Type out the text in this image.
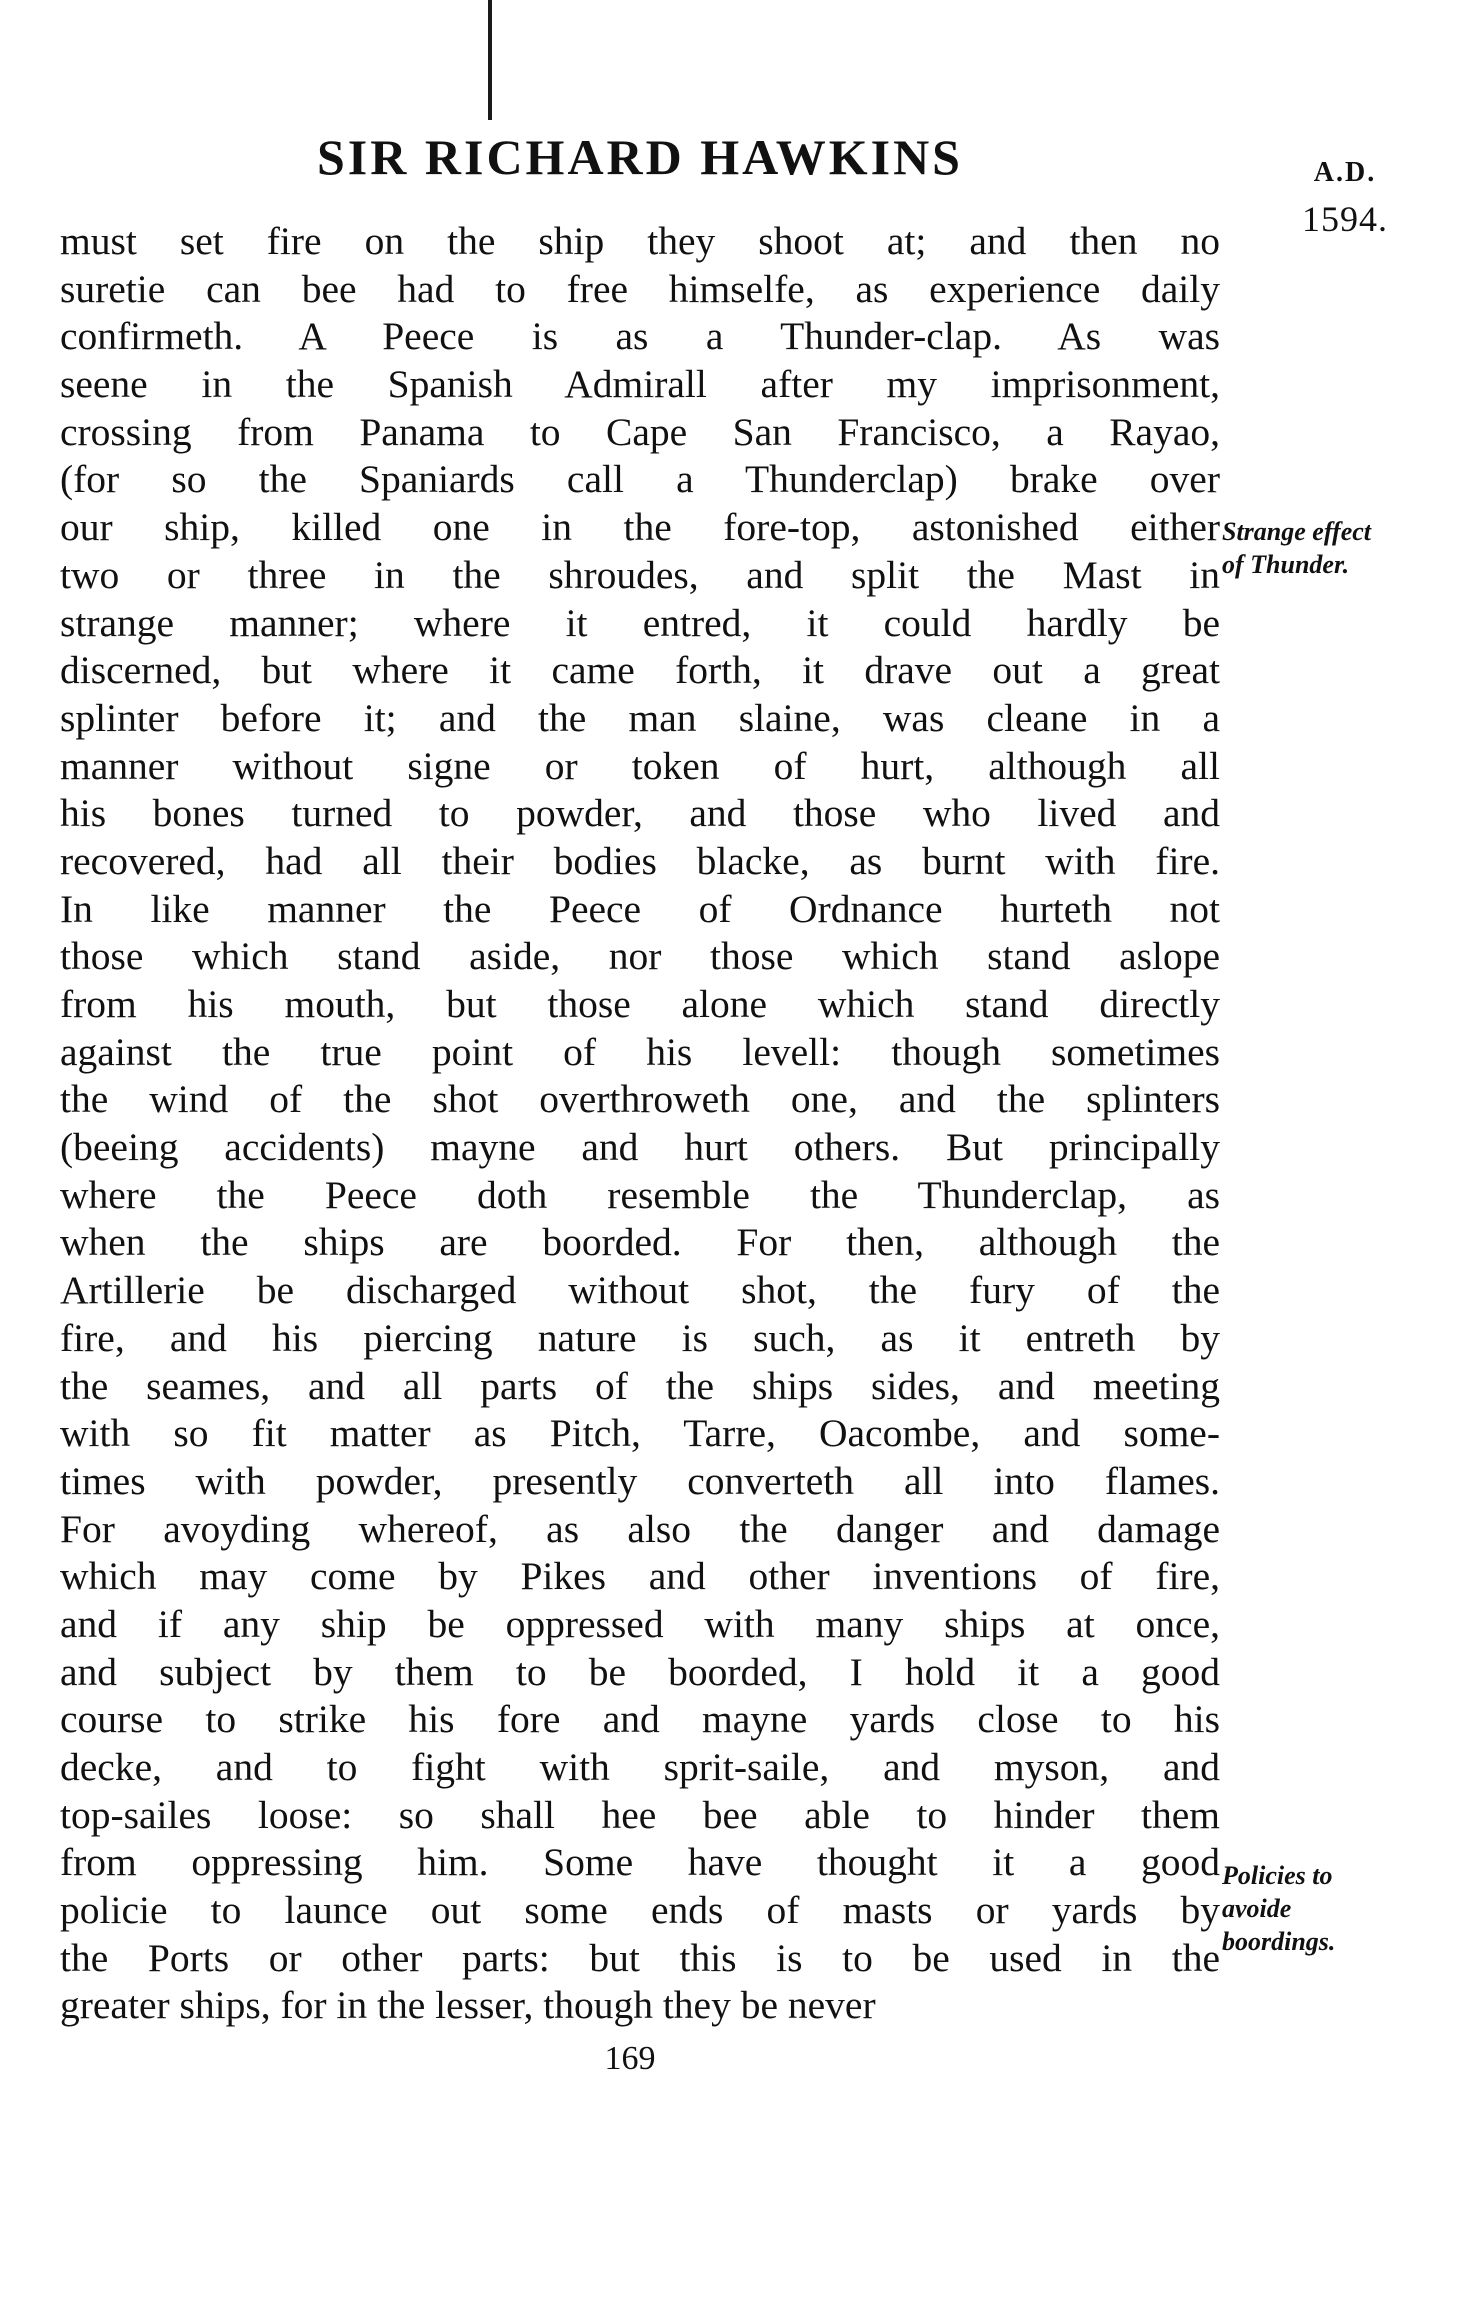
SIR RICHARD HAWKINS	A.D.
1594.
must set fire on the ship they shoot at; and then no
suretie can bee had to free himselfe, as experience daily
confirmeth. A Peece is as a Thunder-clap. As was
seene in the Spanish Admirall after my imprisonment,
crossing from Panama to Cape San Francisco, a Rayao,
(for so the Spaniards call a Thunderclap) brake over
our ship, killed one in the fore-top, astonished either
two or three in the shroudes, and split the Mast in
strange manner; where it entred, it could hardly be
discerned, but where it came forth, it drave out a great
splinter before it; and the man slaine, was cleane in a
manner without signe or token of hurt, although all
his bones turned to powder, and those who lived and
recovered, had all their bodies blacke, as burnt with fire.
In like manner the Peece of Ordnance hurteth not
those which stand aside, nor those which stand aslope
from his mouth, but those alone which stand directly
against the true point of his levell: though sometimes
the wind of the shot overthroweth one, and the splinters
(beeing accidents) mayne and hurt others. But principally
where the Peece doth resemble the Thunderclap, as
when the ships are boorded. For then, although the
Artillerie be discharged without shot, the fury of the
fire, and his piercing nature is such, as it entreth by
the seames, and all parts of the ships sides, and meeting
with so fit matter as Pitch, Tarre, Oacombe, and some-
times with powder, presently converteth all into flames.
For avoyding whereof, as also the danger and damage
which may come by Pikes and other inventions of fire,
and if any ship be oppressed with many ships at once,
and subject by them to be boorded, I hold it a good
course to strike his fore and mayne yards close to his
decke, and to fight with sprit-saile, and myson, and
top-sailes loose: so shall hee bee able to hinder them
from oppressing him. Some have thought it a good
policie to launce out some ends of masts or yards by
the Ports or other parts: but this is to be used in the
greater ships, for in the lesser, though they be never
Strange effect
of Thunder.
Policies to
avoide
boordings.
169
